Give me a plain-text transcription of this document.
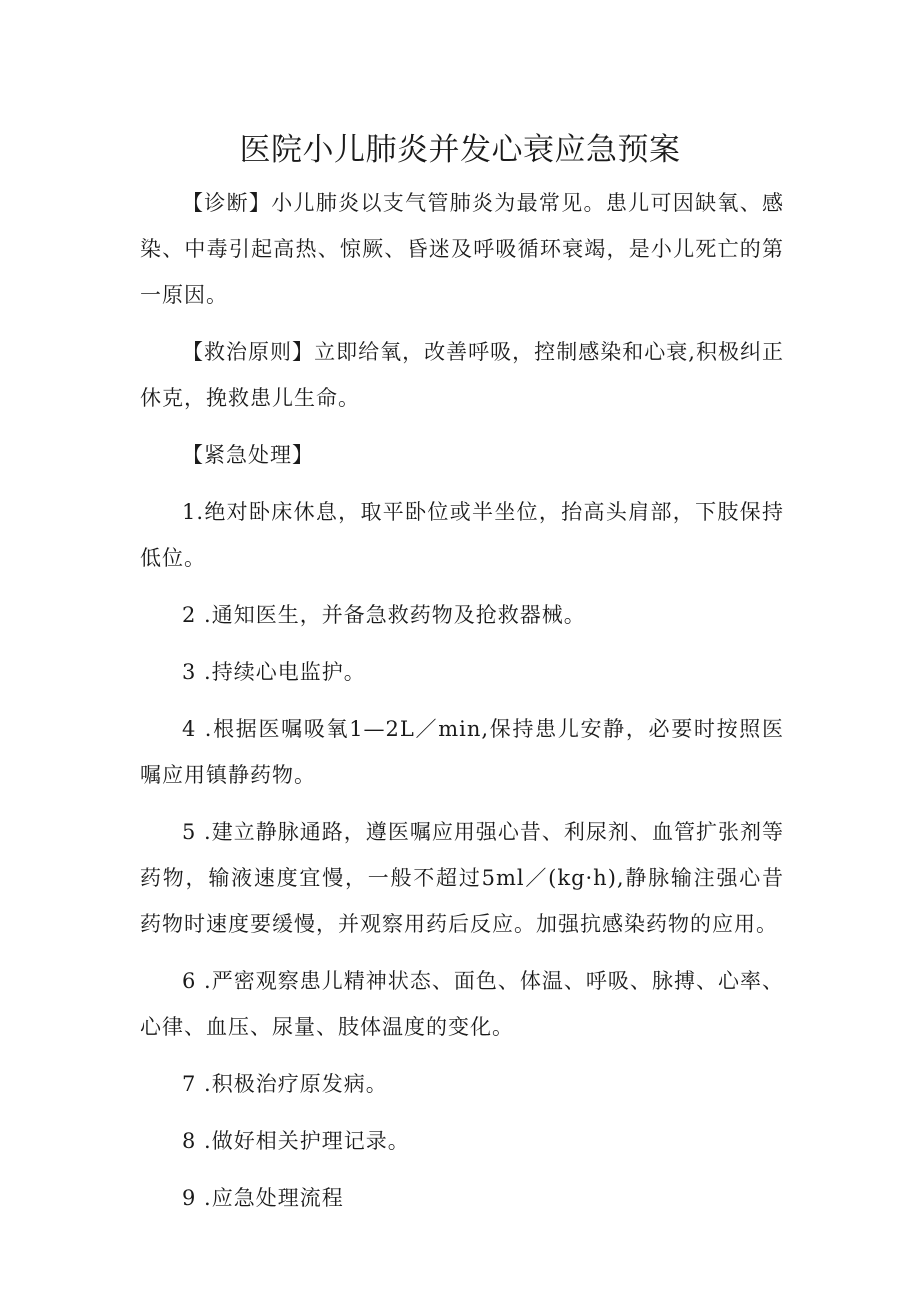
医院小儿肺炎并发心衰应急预案

【诊断】小儿肺炎以支气管肺炎为最常见。患儿可因缺氧、感染、中毒引起高热、惊厥、昏迷及呼吸循环衰竭，是小儿死亡的第一原因。

【救治原则】立即给氧，改善呼吸，控制感染和心衰,积极纠正休克，挽救患儿生命。

【紧急处理】

1.绝对卧床休息，取平卧位或半坐位，抬高头肩部，下肢保持低位。

2 .通知医生，并备急救药物及抢救器械。

3 .持续心电监护。

4 .根据医嘱吸氧1—2L／min,保持患儿安静，必要时按照医嘱应用镇静药物。

5 .建立静脉通路，遵医嘱应用强心昔、利尿剂、血管扩张剂等药物，输液速度宜慢，一般不超过5ml／(kg·h),静脉输注强心昔药物时速度要缓慢，并观察用药后反应。加强抗感染药物的应用。

6 .严密观察患儿精神状态、面色、体温、呼吸、脉搏、心率、心律、血压、尿量、肢体温度的变化。

7 .积极治疗原发病。

8 .做好相关护理记录。

9 .应急处理流程
